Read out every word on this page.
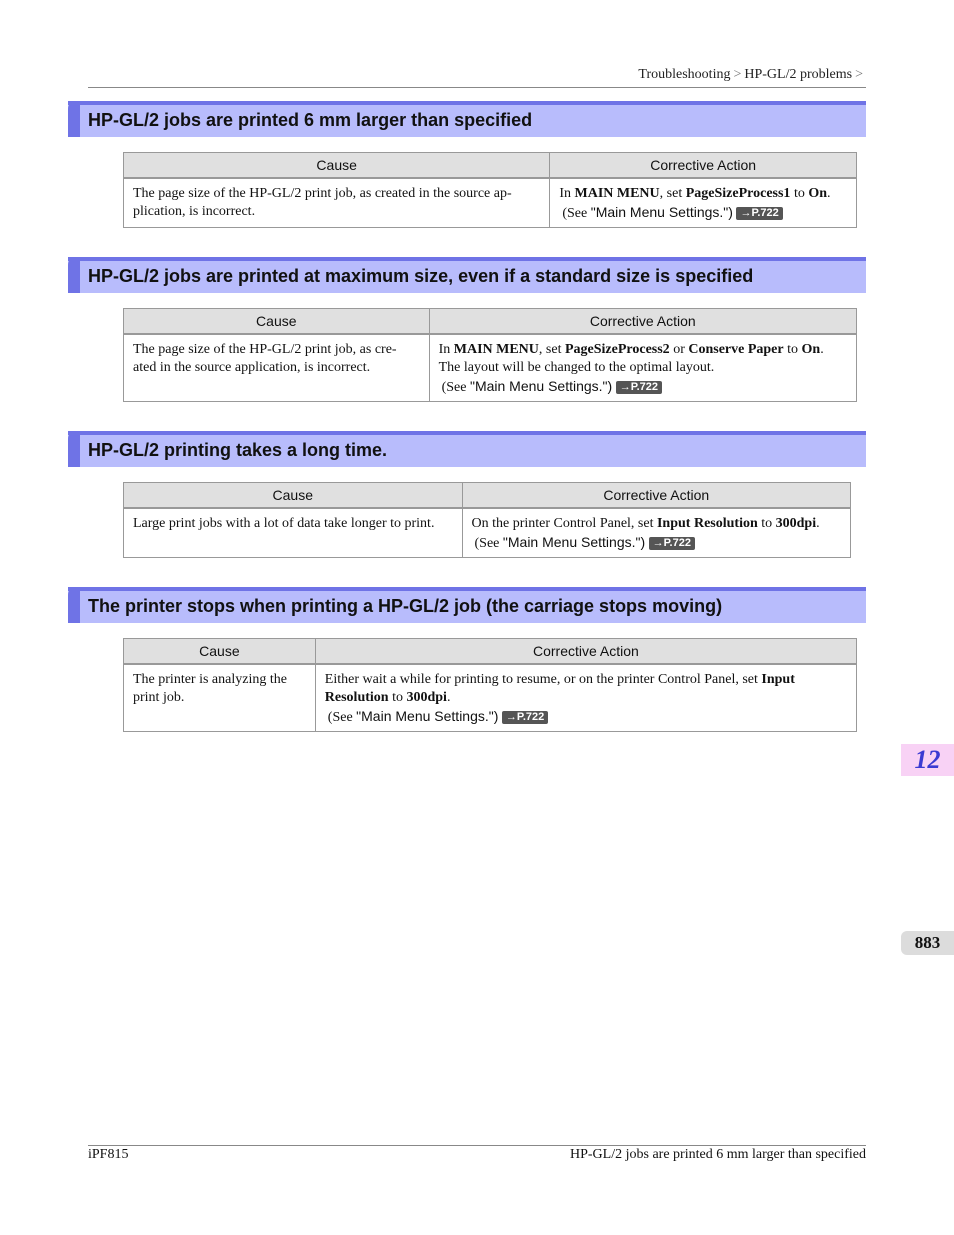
Troubleshooting > HP-GL/2 problems >
HP-GL/2 jobs are printed 6 mm larger than specified
Cause	Corrective Action
The page size of the HP-GL/2 print job, as created in the source ap- plication, is incorrect.	In MAIN MENU, set PageSizeProcess1 to On.
(See "Main Menu Settings.") →P.722
HP-GL/2 jobs are printed at maximum size, even if a standard size is specified
Cause	Corrective Action
The page size of the HP-GL/2 print job, as cre- ated in the source application, is incorrect.	In MAIN MENU, set PageSizeProcess2 or Conserve Paper to On.
The layout will be changed to the optimal layout.
(See "Main Menu Settings.") →P.722
HP-GL/2 printing takes a long time.
Cause	Corrective Action
Large print jobs with a lot of data take longer to print.	On the printer Control Panel, set Input Resolution to 300dpi.
(See "Main Menu Settings.") →P.722
The printer stops when printing a HP-GL/2 job (the carriage stops moving)
Cause	Corrective Action
The printer is analyzing the print job.	Either wait a while for printing to resume, or on the printer Control Panel, set Input Resolution to 300dpi.
(See "Main Menu Settings.") →P.722
12
883
iPF815	HP-GL/2 jobs are printed 6 mm larger than specified
